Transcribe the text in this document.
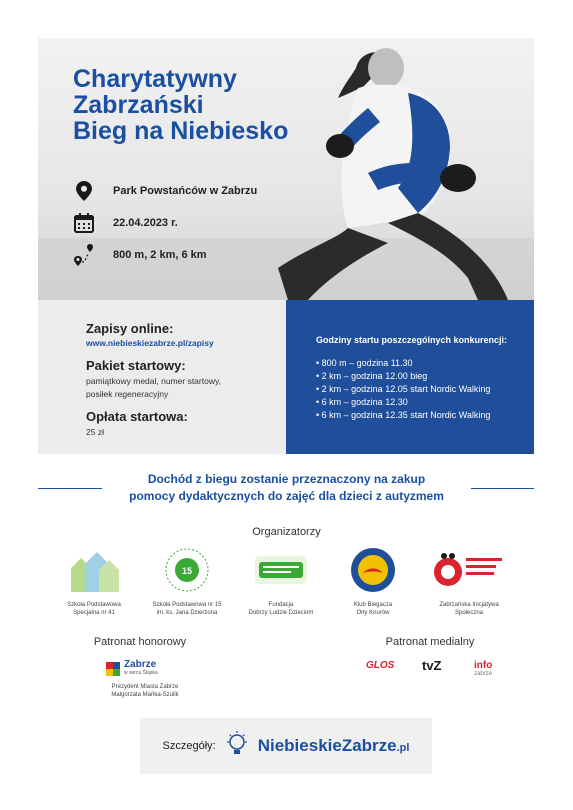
Charytatywny
Zabrzański
Bieg na Niebiesko
Park Powstańców w Zabrzu
22.04.2023 r.
800 m, 2 km, 6 km

Zapisy online:

www.niebieskiezabrze.pl/zapisy

Pakiet startowy:

pamiątkowy medal, numer startowy,

posiłek regeneracyjny

Opłata startowa:

25 zł

Godziny startu poszczególnych konkurencji:

• 800 m – godzina 11.30
• 2 km – godzina 12.00 bieg
• 2 km – godzina 12.05 start Nordic Walking
• 6 km – godzina 12.30
• 6 km – godzina 12.35 start Nordic Walking
Dochód z biegu zostanie przeznaczony na zakup
pomocy dydaktycznych do zajęć dla dzieci z autyzmem
Organizatorzy
Szkoła Podstawowa
Specjalna nr 41
15
Szkoła Podstawowa nr 15
im. ks. Jana Dzierżona
Fundacja
Dobrzy Ludzie Dzieciom
Klub Biegacza
Orły Knurów
Zabrzańska Inicjatywa
Społeczna
Patronat honorowy
Zabrze
w sercu Śląska
Prezydent Miasta Zabrze
Małgorzata Mańka-Szulik
Patronat medialny
GLOS tvZ	info
zabrze
Szczegóły: NiebieskieZabrze.pl
